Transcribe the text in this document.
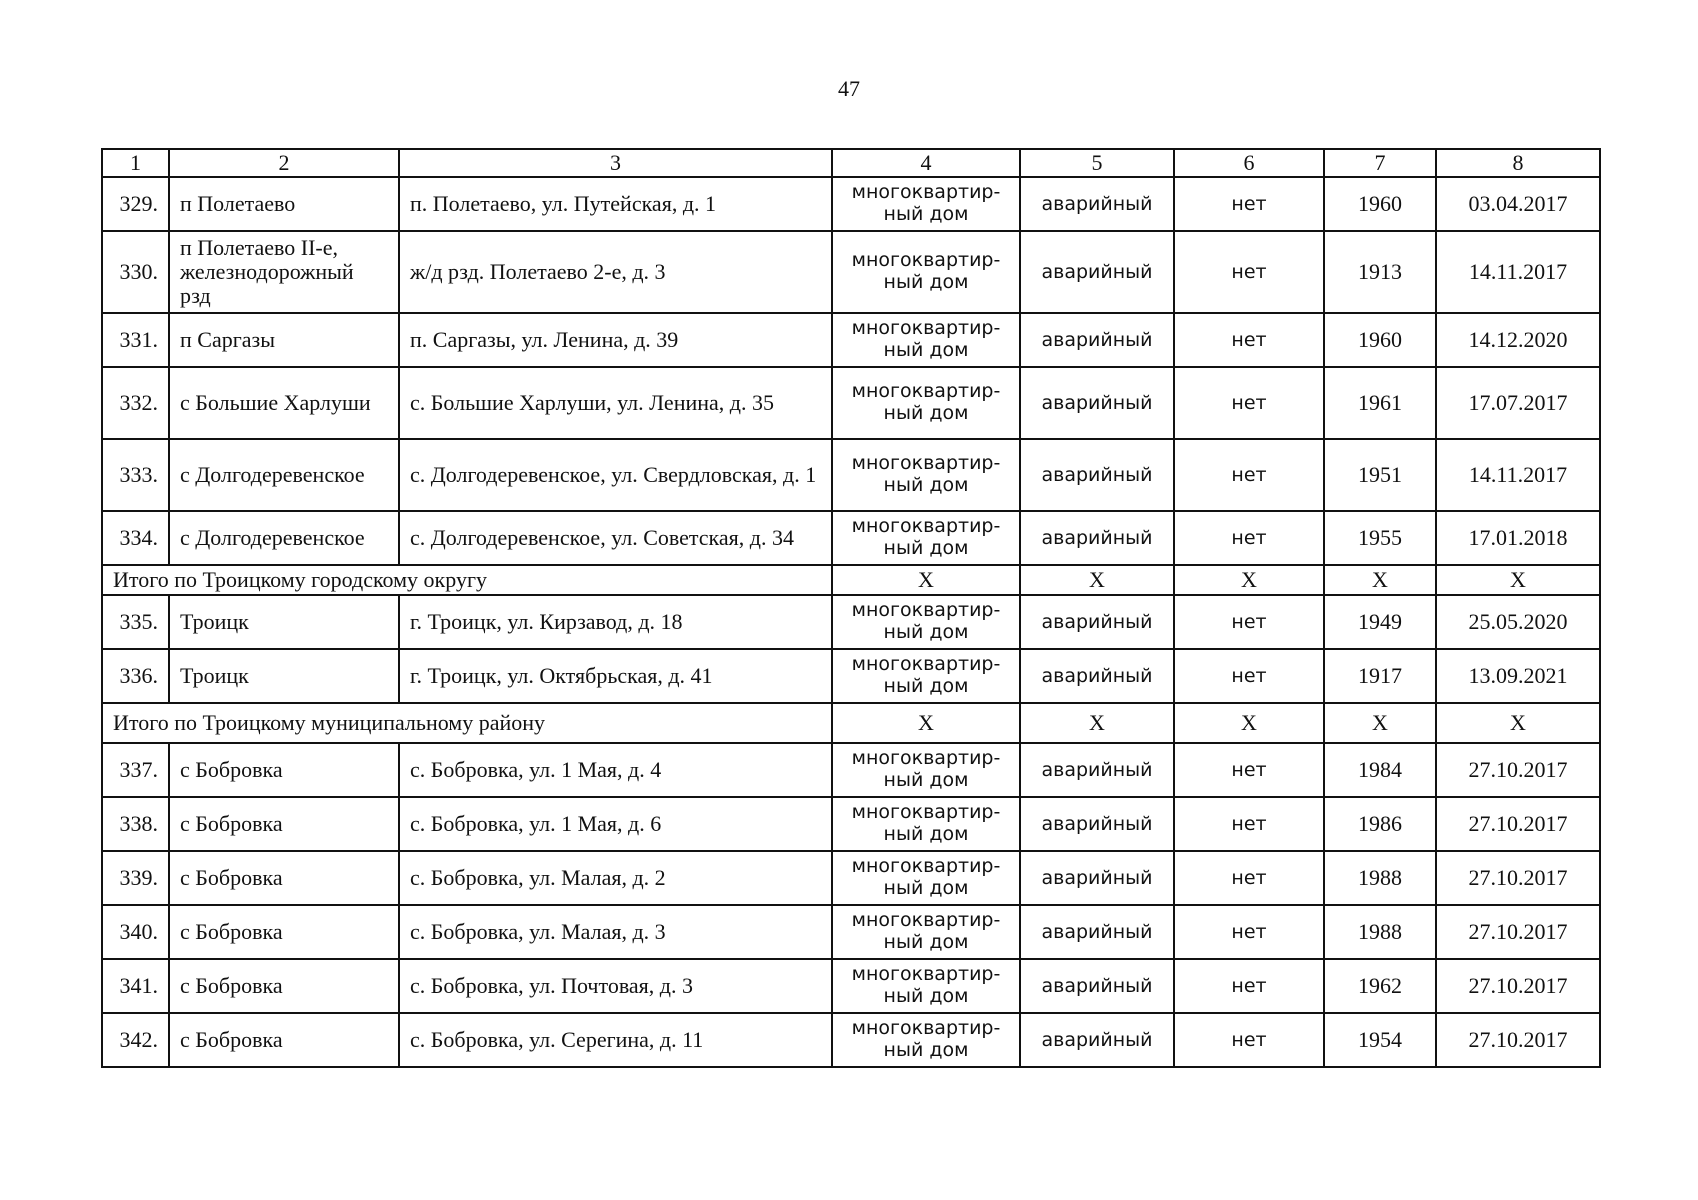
47
1	2	3	4	5	6	7	8
329.	п Полетаево	п. Полетаево, ул. Путейская, д. 1	многоквартир-ный дом	аварийный	нет	1960	03.04.2017
330.	п Полетаево II-е, железнодорожный рзд	ж/д рзд. Полетаево 2-е, д. 3	многоквартир-ный дом	аварийный	нет	1913	14.11.2017
331.	п Саргазы	п. Саргазы, ул. Ленина, д. 39	многоквартир-ный дом	аварийный	нет	1960	14.12.2020
332.	с Большие Харлуши	с. Большие Харлуши, ул. Ленина, д. 35	многоквартир-ный дом	аварийный	нет	1961	17.07.2017
333.	с Долгодеревенское	с. Долгодеревенское, ул. Свердловская, д. 1	многоквартир-ный дом	аварийный	нет	1951	14.11.2017
334.	с Долгодеревенское	с. Долгодеревенское, ул. Советская, д. 34	многоквартир-ный дом	аварийный	нет	1955	17.01.2018
Итого по Троицкому городскому округу			Х	Х	Х	Х	Х
335.	Троицк	г. Троицк, ул. Кирзавод, д. 18	многоквартир-ный дом	аварийный	нет	1949	25.05.2020
336.	Троицк	г. Троицк, ул. Октябрьская, д. 41	многоквартир-ный дом	аварийный	нет	1917	13.09.2021
Итого по Троицкому муниципальному району			Х	Х	Х	Х	Х
337.	с Бобровка	с. Бобровка, ул. 1 Мая, д. 4	многоквартир-ный дом	аварийный	нет	1984	27.10.2017
338.	с Бобровка	с. Бобровка, ул. 1 Мая, д. 6	многоквартир-ный дом	аварийный	нет	1986	27.10.2017
339.	с Бобровка	с. Бобровка, ул. Малая, д. 2	многоквартир-ный дом	аварийный	нет	1988	27.10.2017
340.	с Бобровка	с. Бобровка, ул. Малая, д. 3	многоквартир-ный дом	аварийный	нет	1988	27.10.2017
341.	с Бобровка	с. Бобровка, ул. Почтовая, д. 3	многоквартир-ный дом	аварийный	нет	1962	27.10.2017
342.	с Бобровка	с. Бобровка, ул. Серегина, д. 11	многоквартир-ный дом	аварийный	нет	1954	27.10.2017
